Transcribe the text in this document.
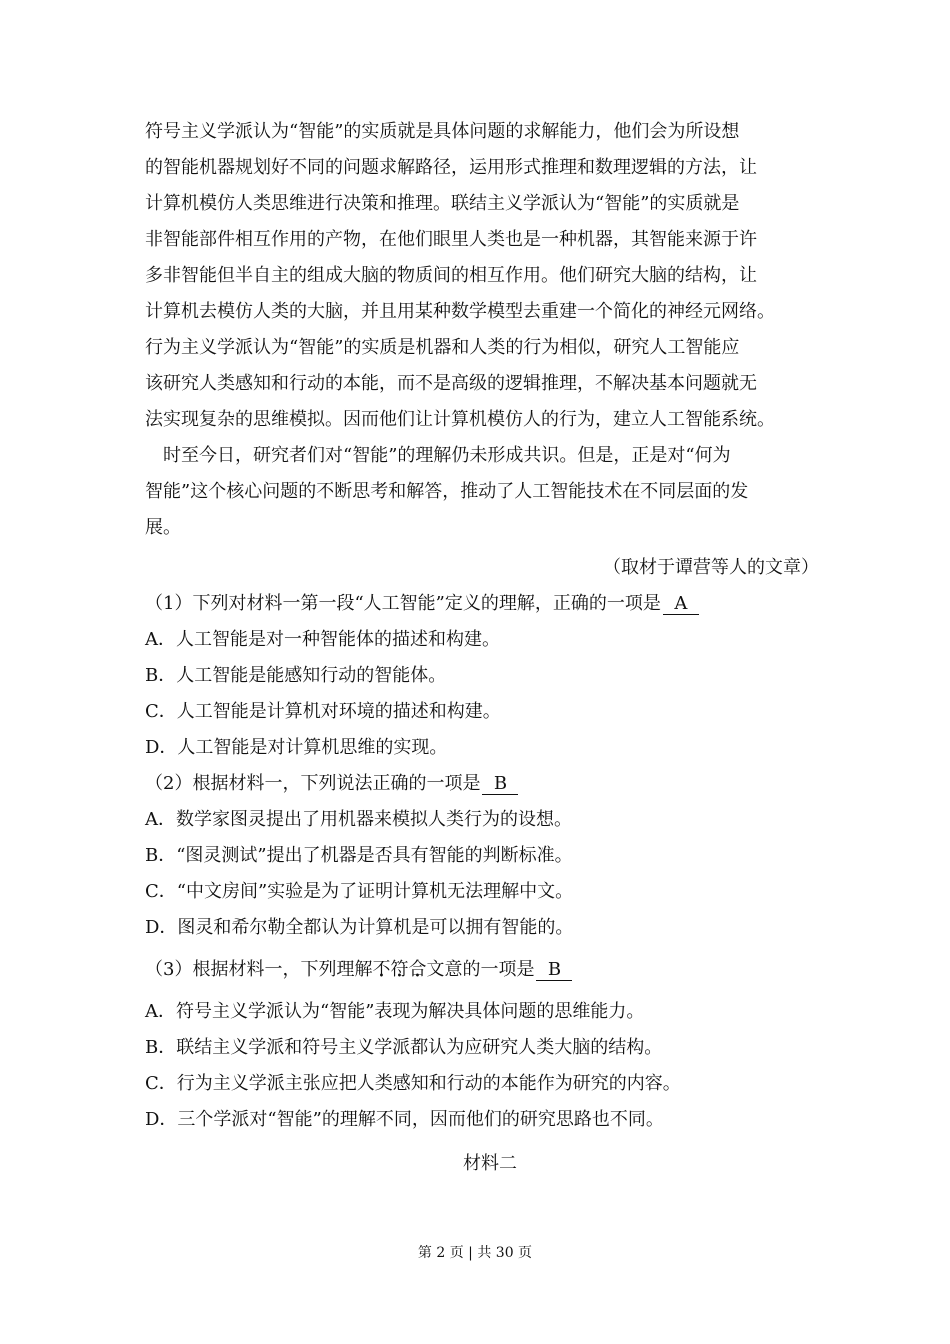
符号主义学派认为“智能”的实质就是具体问题的求解能力，他们会为所设想

的智能机器规划好不同的问题求解路径，运用形式推理和数理逻辑的方法，让

计算机模仿人类思维进行决策和推理。联结主义学派认为“智能”的实质就是

非智能部件相互作用的产物，在他们眼里人类也是一种机器，其智能来源于许

多非智能但半自主的组成大脑的物质间的相互作用。他们研究大脑的结构，让

计算机去模仿人类的大脑，并且用某种数学模型去重建一个简化的神经元网络。

行为主义学派认为“智能”的实质是机器和人类的行为相似，研究人工智能应

该研究人类感知和行动的本能，而不是高级的逻辑推理，不解决基本问题就无

法实现复杂的思维模拟。因而他们让计算机模仿人的行为，建立人工智能系统。

时至今日，研究者们对“智能”的理解仍未形成共识。但是，正是对“何为

智能”这个核心问题的不断思考和解答，推动了人工智能技术在不同层面的发

展。

（取材于谭营等人的文章）

（1）下列对材料一第一段“人工智能”定义的理解，正确的一项是 A

A．人工智能是对一种智能体的描述和构建。

B．人工智能是能感知行动的智能体。

C．人工智能是计算机对环境的描述和构建。

D．人工智能是对计算机思维的实现。

（2）根据材料一，下列说法正确的一项是 B

A．数学家图灵提出了用机器来模拟人类行为的设想。

B．“图灵测试”提出了机器是否具有智能的判断标准。

C．“中文房间”实验是为了证明计算机无法理解中文。

D．图灵和希尔勒全都认为计算机是可以拥有智能的。

（3）根据材料一，下列理解不 •符 •合 •文意的一项是 B

A．符号主义学派认为“智能”表现为解决具体问题的思维能力。

B．联结主义学派和符号主义学派都认为应研究人类大脑的结构。

C．行为主义学派主张应把人类感知和行动的本能作为研究的内容。

D．三个学派对“智能”的理解不同，因而他们的研究思路也不同。

材料二

第 2 页 | 共 30 页
